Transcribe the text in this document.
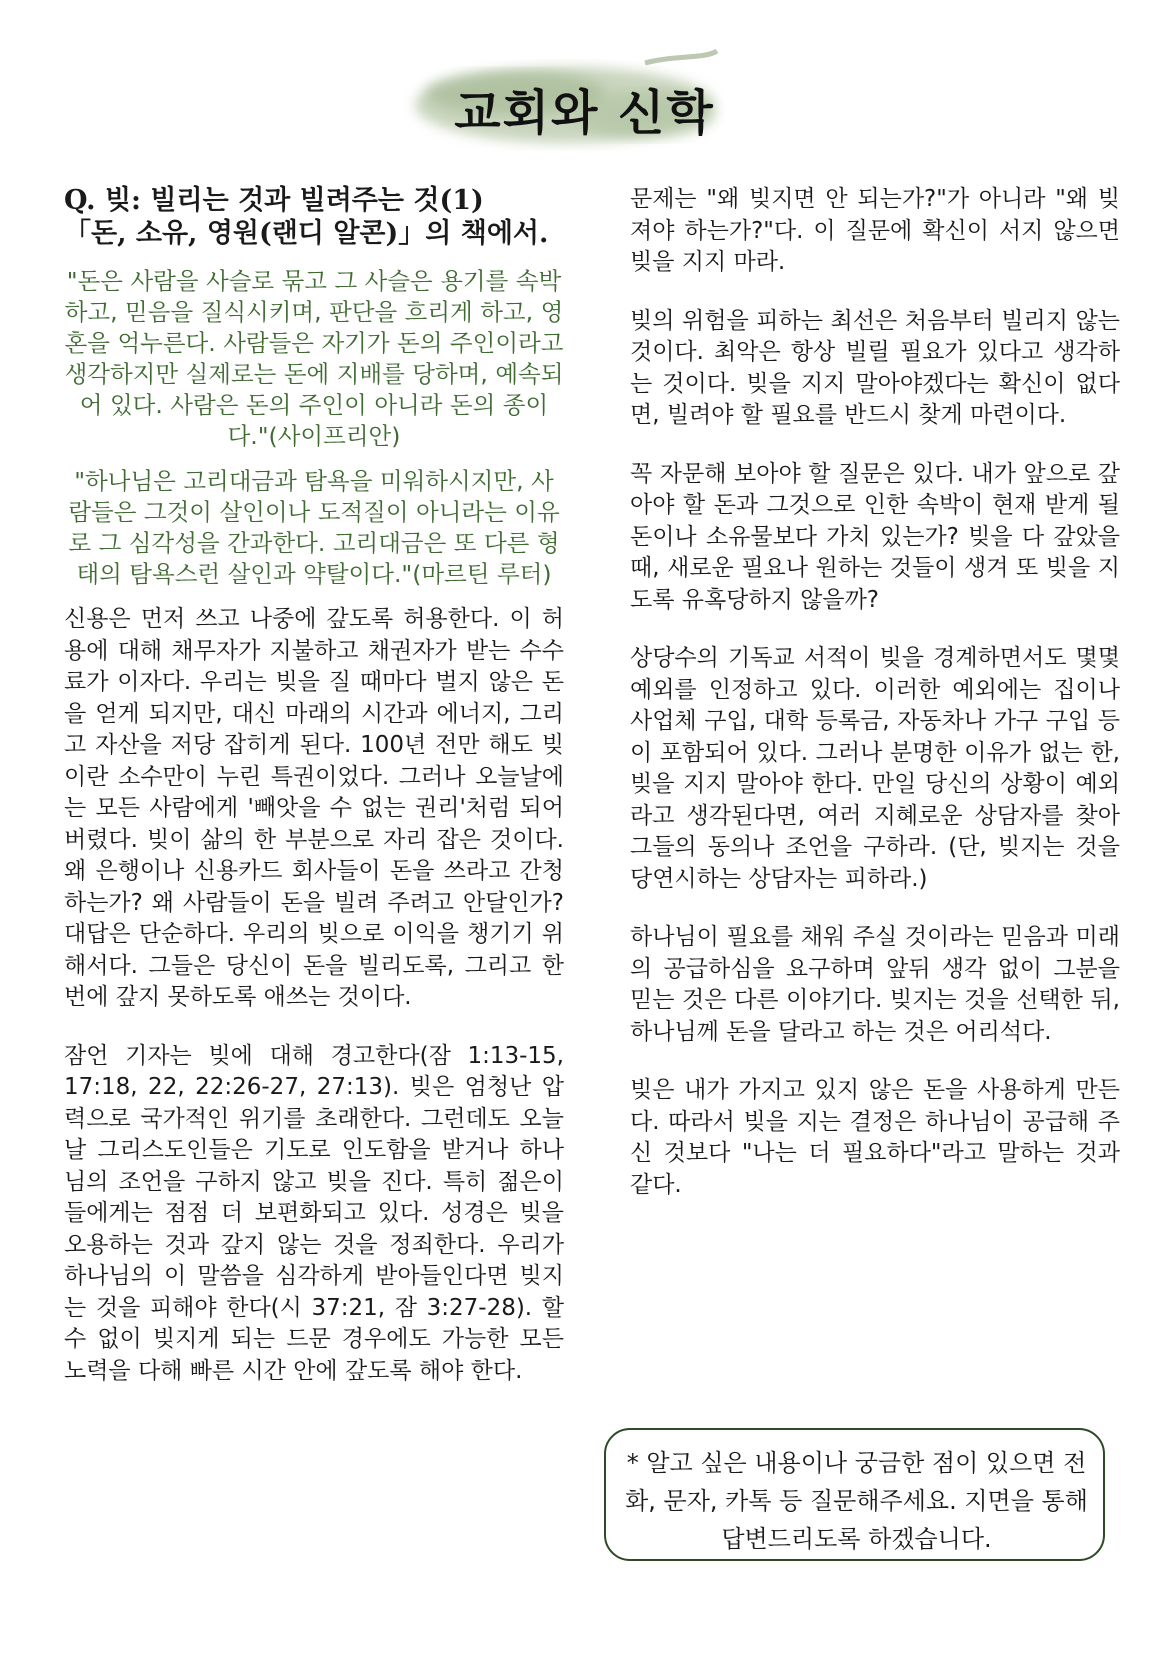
교회와 신학
Q. 빚: 빌리는 것과 빌려주는 것(1)
「돈, 소유, 영원(랜디 알콘)」의 책에서.

"돈은 사람을 사슬로 묶고 그 사슬은 용기를 속박하고, 믿음을 질식시키며, 판단을 흐리게 하고, 영혼을 억누른다. 사람들은 자기가 돈의 주인이라고 생각하지만 실제로는 돈에 지배를 당하며, 예속되어 있다. 사람은 돈의 주인이 아니라 돈의 종이다."(사이프리안)

"하나님은 고리대금과 탐욕을 미워하시지만, 사람들은 그것이 살인이나 도적질이 아니라는 이유로 그 심각성을 간과한다. 고리대금은 또 다른 형태의 탐욕스런 살인과 약탈이다."(마르틴 루터)

신용은 먼저 쓰고 나중에 갚도록 허용한다. 이 허용에 대해 채무자가 지불하고 채권자가 받는 수수료가 이자다. 우리는 빚을 질 때마다 벌지 않은 돈을 얻게 되지만, 대신 마래의 시간과 에너지, 그리고 자산을 저당 잡히게 된다. 100년 전만 해도 빚이란 소수만이 누린 특권이었다. 그러나 오늘날에는 모든 사람에게 '빼앗을 수 없는 권리'처럼 되어 버렸다. 빚이 삶의 한 부분으로 자리 잡은 것이다. 왜 은행이나 신용카드 회사들이 돈을 쓰라고 간청하는가? 왜 사람들이 돈을 빌려 주려고 안달인가? 대답은 단순하다. 우리의 빚으로 이익을 챙기기 위해서다. 그들은 당신이 돈을 빌리도록, 그리고 한 번에 갚지 못하도록 애쓰는 것이다.

잠언 기자는 빚에 대해 경고한다(잠 1:13-15, 17:18, 22, 22:26-27, 27:13). 빚은 엄청난 압력으로 국가적인 위기를 초래한다. 그런데도 오늘날 그리스도인들은 기도로 인도함을 받거나 하나님의 조언을 구하지 않고 빚을 진다. 특히 젊은이들에게는 점점 더 보편화되고 있다. 성경은 빚을 오용하는 것과 갚지 않는 것을 정죄한다. 우리가 하나님의 이 말씀을 심각하게 받아들인다면 빚지는 것을 피해야 한다(시 37:21, 잠 3:27-28). 할 수 없이 빚지게 되는 드문 경우에도 가능한 모든 노력을 다해 빠른 시간 안에 갚도록 해야 한다.

문제는 "왜 빚지면 안 되는가?"가 아니라 "왜 빚져야 하는가?"다. 이 질문에 확신이 서지 않으면 빚을 지지 마라.

빚의 위험을 피하는 최선은 처음부터 빌리지 않는 것이다. 최악은 항상 빌릴 필요가 있다고 생각하는 것이다. 빚을 지지 말아야겠다는 확신이 없다면, 빌려야 할 필요를 반드시 찾게 마련이다.

꼭 자문해 보아야 할 질문은 있다. 내가 앞으로 갚아야 할 돈과 그것으로 인한 속박이 현재 받게 될 돈이나 소유물보다 가치 있는가? 빚을 다 갚았을 때, 새로운 필요나 원하는 것들이 생겨 또 빚을 지도록 유혹당하지 않을까?

상당수의 기독교 서적이 빚을 경계하면서도 몇몇 예외를 인정하고 있다. 이러한 예외에는 집이나 사업체 구입, 대학 등록금, 자동차나 가구 구입 등이 포함되어 있다. 그러나 분명한 이유가 없는 한, 빚을 지지 말아야 한다. 만일 당신의 상황이 예외라고 생각된다면, 여러 지혜로운 상담자를 찾아 그들의 동의나 조언을 구하라. (단, 빚지는 것을 당연시하는 상담자는 피하라.)

하나님이 필요를 채워 주실 것이라는 믿음과 미래의 공급하심을 요구하며 앞뒤 생각 없이 그분을 믿는 것은 다른 이야기다. 빚지는 것을 선택한 뒤, 하나님께 돈을 달라고 하는 것은 어리석다.

빚은 내가 가지고 있지 않은 돈을 사용하게 만든다. 따라서 빚을 지는 결정은 하나님이 공급해 주신 것보다 "나는 더 필요하다"라고 말하는 것과 같다.

* 알고 싶은 내용이나 궁금한 점이 있으면 전화, 문자, 카톡 등 질문해주세요. 지면을 통해 답변드리도록 하겠습니다.
